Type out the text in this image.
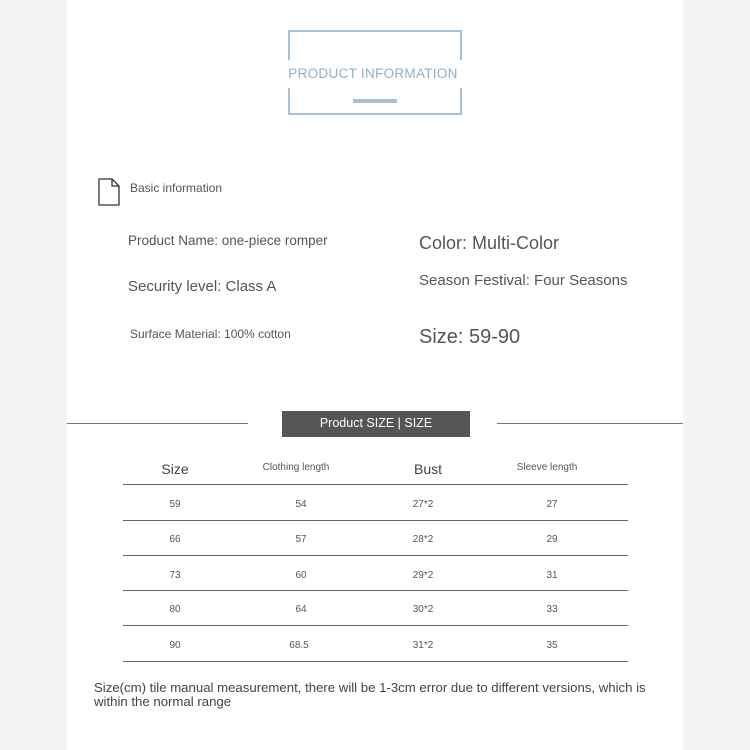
PRODUCT INFORMATION
Basic information
Product Name: one-piece romper	Color: Multi-Color
Security level: Class A	Season Festival: Four Seasons
Surface Material: 100% cotton	Size: 59-90
Product SIZE | SIZE
Size	Clothing length	Bust	Sleeve length
59	54	27*2	27
66	57	28*2	29
73	60	29*2	31
80	64	30*2	33
90	68.5	31*2	35
Size(cm) tile manual measurement, there will be 1-3cm error due to different versions, which is within the normal range
